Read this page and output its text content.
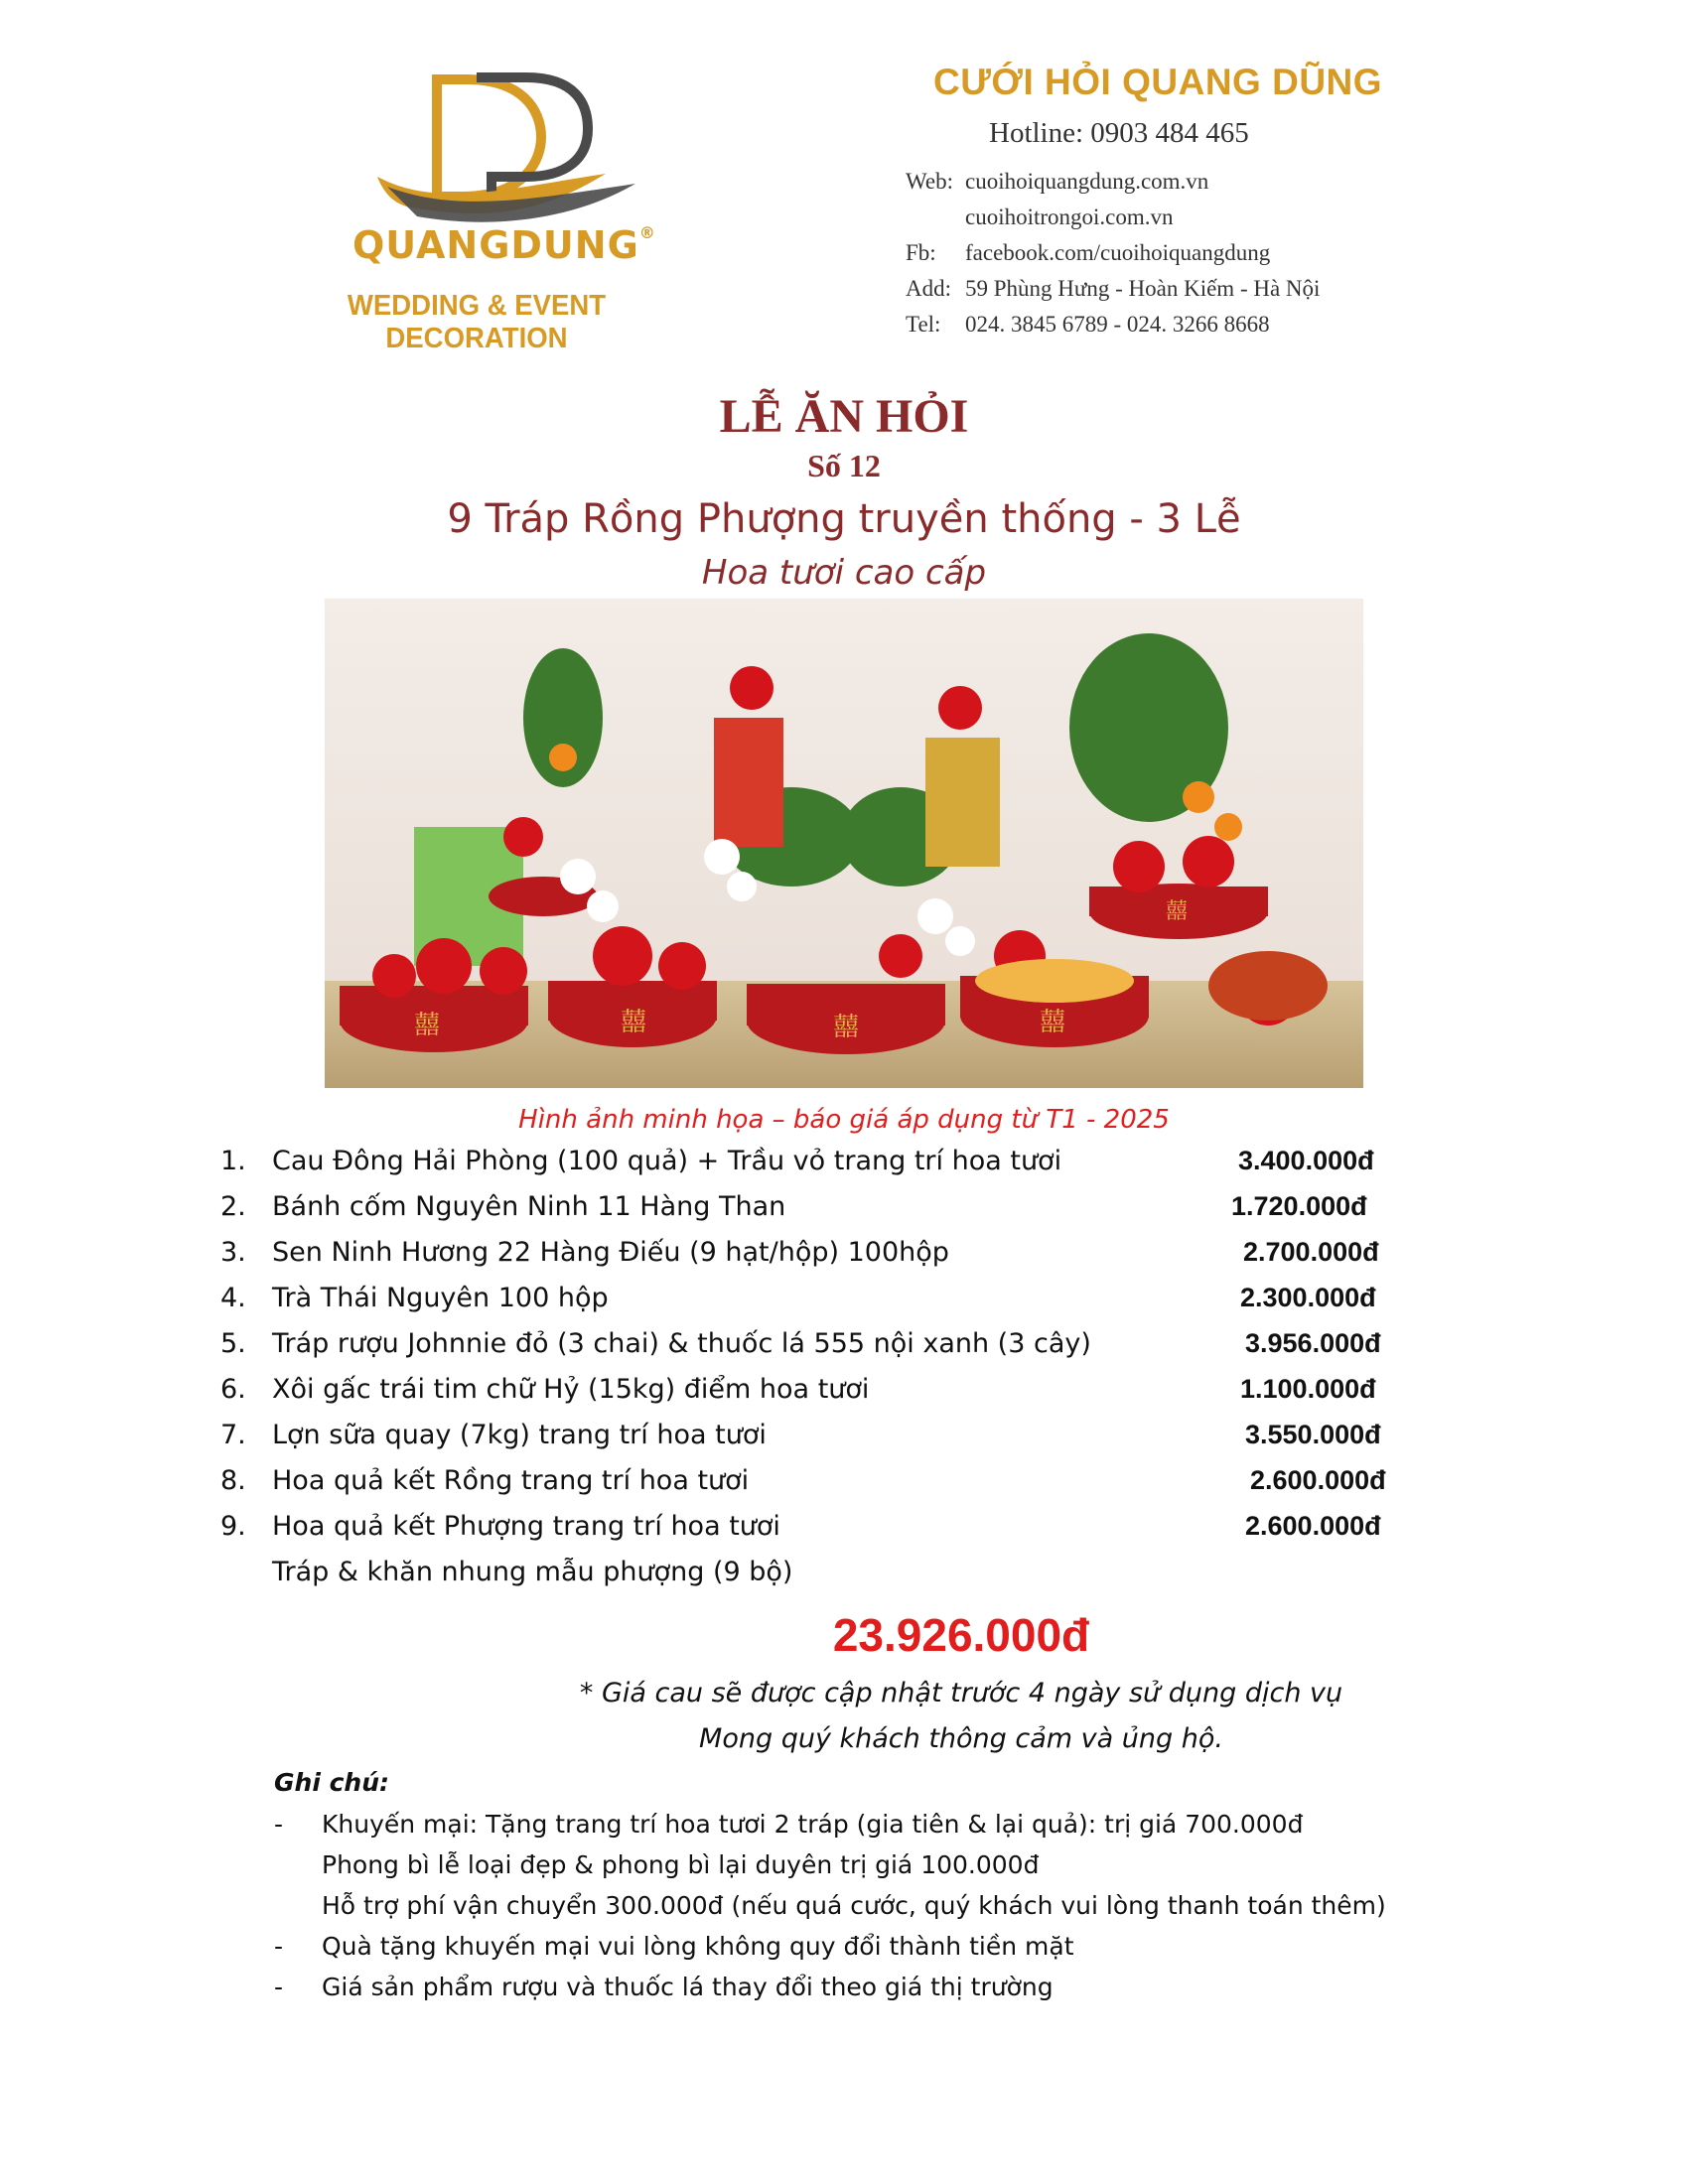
QUANGDUNG®
WEDDING & EVENT DECORATION
CƯỚI HỎI QUANG DŨNG
Hotline: 0903 484 465
Web: cuoihoiquangdung.com.vn
cuoihoitrongoi.com.vn
Fb: facebook.com/cuoihoiquangdung
Add: 59 Phùng Hưng - Hoàn Kiếm - Hà Nội
Tel: 024. 3845 6789 - 024. 3266 8668
LỄ ĂN HỎI
Số 12
9 Tráp Rồng Phượng truyền thống - 3 Lễ
Hoa tươi cao cấp
囍	囍	囍	囍
囍
Hình ảnh minh họa – báo giá áp dụng từ T1 - 2025
1. Cau Đông Hải Phòng (100 quả) + Trầu vỏ trang trí hoa tươi	3.400.000đ
2. Bánh cốm Nguyên Ninh 11 Hàng Than	1.720.000đ
3. Sen Ninh Hương 22 Hàng Điếu (9 hạt/hộp) 100hộp	2.700.000đ
4. Trà Thái Nguyên 100 hộp	2.300.000đ
5. Tráp rượu Johnnie đỏ (3 chai) & thuốc lá 555 nội xanh (3 cây)	3.956.000đ
6. Xôi gấc trái tim chữ Hỷ (15kg) điểm hoa tươi	1.100.000đ
7. Lợn sữa quay (7kg) trang trí hoa tươi	3.550.000đ
8. Hoa quả kết Rồng trang trí hoa tươi	2.600.000đ
9. Hoa quả kết Phượng trang trí hoa tươi	2.600.000đ
Tráp & khăn nhung mẫu phượng (9 bộ)
23.926.000đ
* Giá cau sẽ được cập nhật trước 4 ngày sử dụng dịch vụ
Mong quý khách thông cảm và ủng hộ.
Ghi chú:
- Khuyến mại: Tặng trang trí hoa tươi 2 tráp (gia tiên & lại quả): trị giá 700.000đ
Phong bì lễ loại đẹp & phong bì lại duyên trị giá 100.000đ
Hỗ trợ phí vận chuyển 300.000đ (nếu quá cước, quý khách vui lòng thanh toán thêm)
- Quà tặng khuyến mại vui lòng không quy đổi thành tiền mặt
- Giá sản phẩm rượu và thuốc lá thay đổi theo giá thị trường
